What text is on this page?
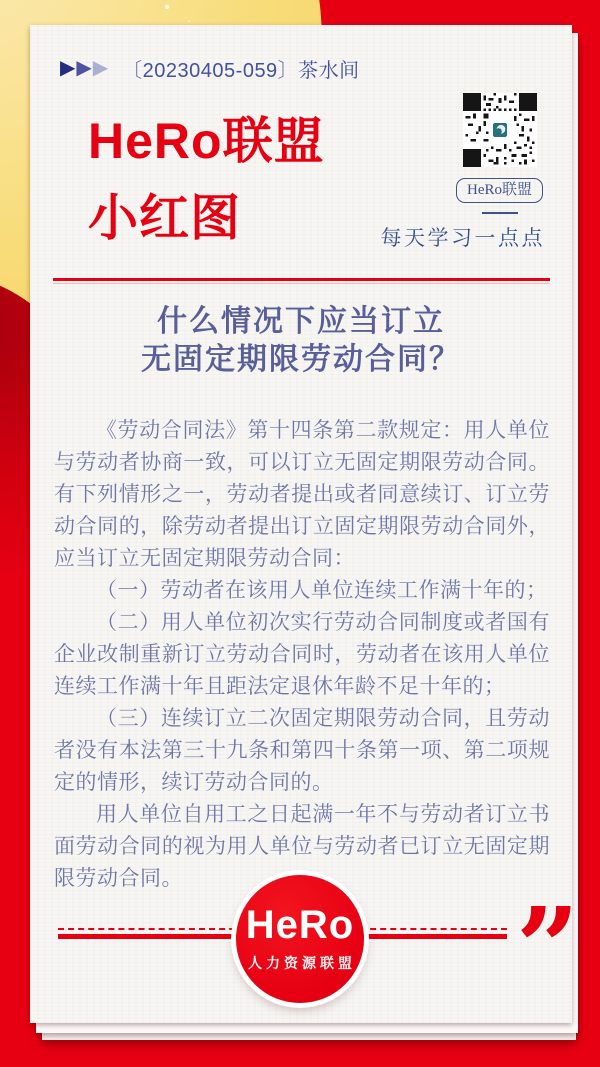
▶ ▶ ▶ 〔20230405-059〕茶水间
HeRo联盟
小红图	HeRo联盟
每天学习一点点
什么情况下应当订立
无固定期限劳动合同？

《劳动合同法》第十四条第二款规定：用人单位与劳动者协商一致，可以订立无固定期限劳动合同。有下列情形之一，劳动者提出或者同意续订、订立劳动合同的，除劳动者提出订立固定期限劳动合同外，应当订立无固定期限劳动合同：

（一）劳动者在该用人单位连续工作满十年的；

（二）用人单位初次实行劳动合同制度或者国有企业改制重新订立劳动合同时，劳动者在该用人单位连续工作满十年且距法定退休年龄不足十年的；

（三）连续订立二次固定期限劳动合同，且劳动者没有本法第三十九条和第四十条第一项、第二项规定的情形，续订劳动合同的。

用人单位自用工之日起满一年不与劳动者订立书面劳动合同的视为用人单位与劳动者已订立无固定期限劳动合同。

HeRo
人力资源联盟 ”
